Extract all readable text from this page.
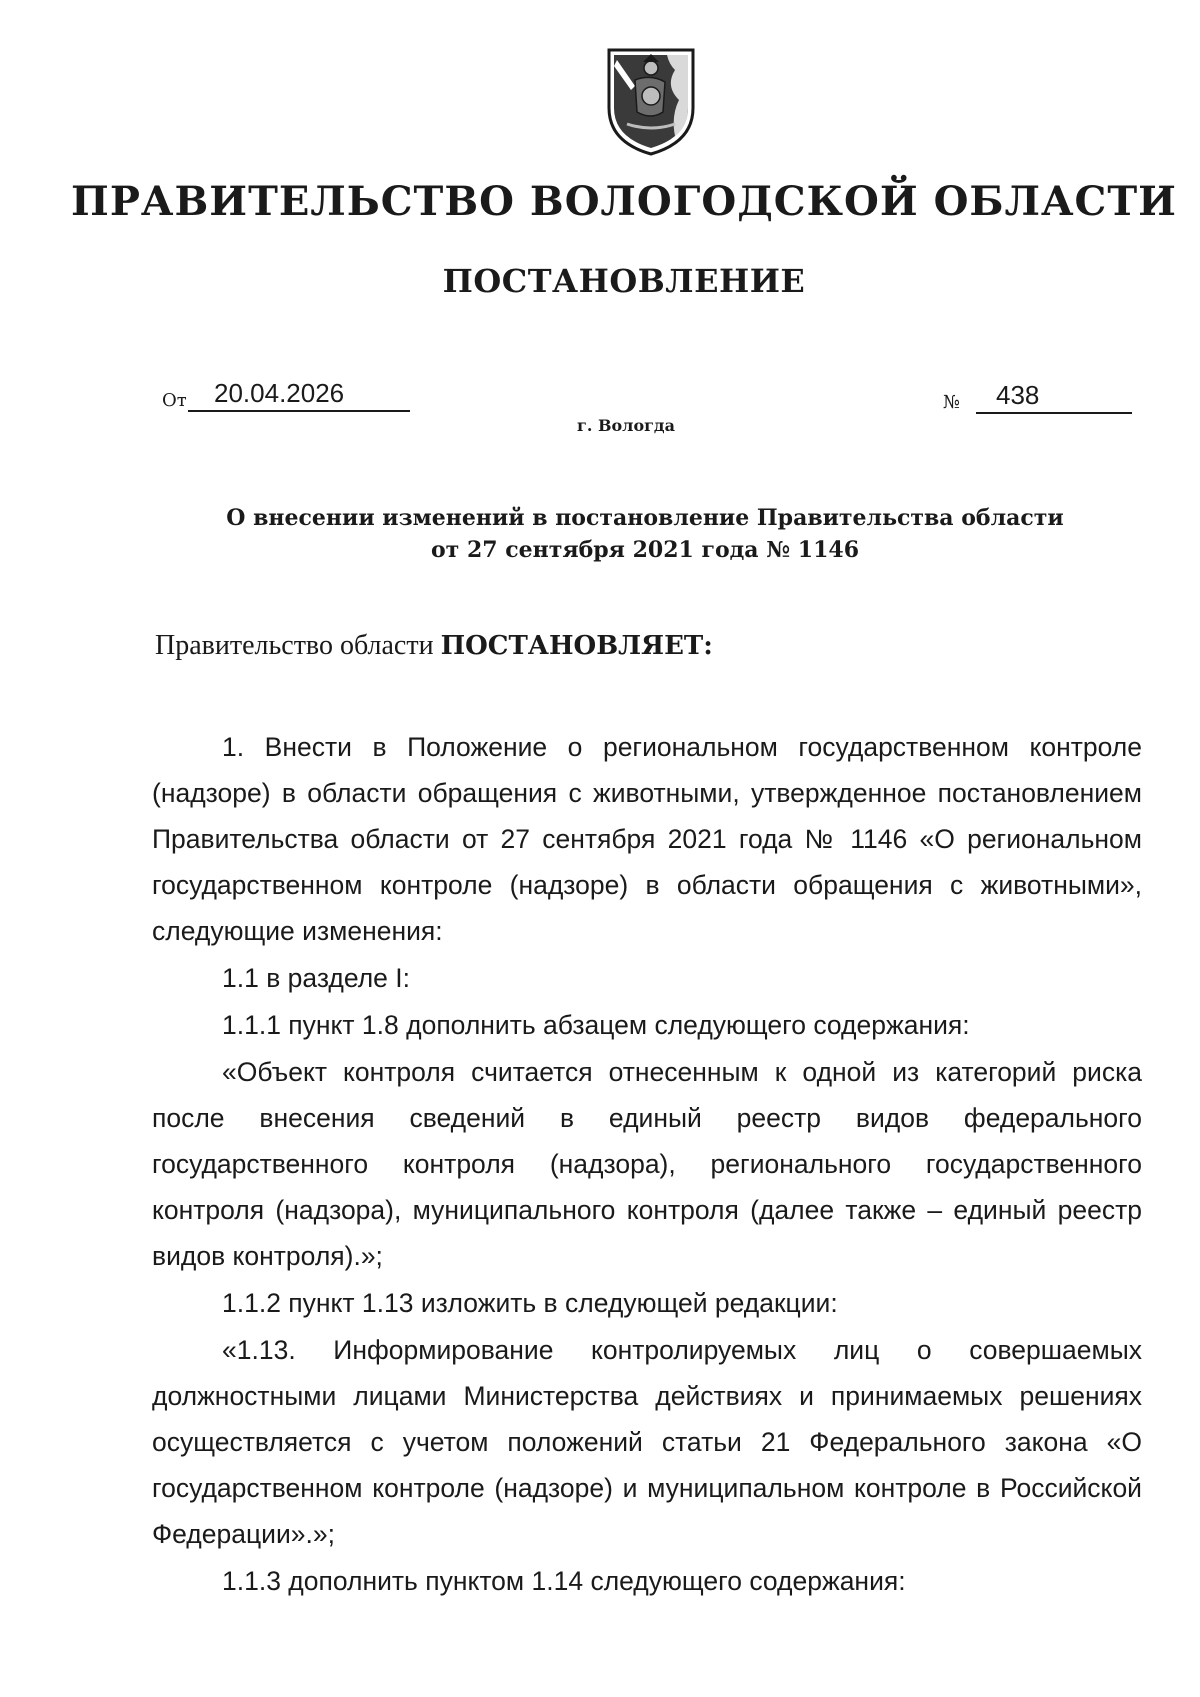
ПРАВИТЕЛЬСТВО ВОЛОГОДСКОЙ ОБЛАСТИ
ПОСТАНОВЛЕНИЕ
От	20.04.2026	№	438
г. Вологда
О внесении изменений в постановление Правительства области
от 27 сентября 2021 года № 1146
Правительство области ПОСТАНОВЛЯЕТ:

1. Внести в Положение о региональном государственном контроле (надзоре) в области обращения с животными, утвержденное постановлением Правительства области от 27 сентября 2021 года № 1146 «О региональном государственном контроле (надзоре) в области обращения с животными», следующие изменения:

1.1 в разделе I:

1.1.1 пункт 1.8 дополнить абзацем следующего содержания:

«Объект контроля считается отнесенным к одной из категорий риска после внесения сведений в единый реестр видов федерального государственного контроля (надзора), регионального государственного контроля (надзора), муниципального контроля (далее также – единый реестр видов контроля).»;

1.1.2 пункт 1.13 изложить в следующей редакции:

«1.13. Информирование контролируемых лиц о совершаемых должностными лицами Министерства действиях и принимаемых решениях осуществляется с учетом положений статьи 21 Федерального закона «О государственном контроле (надзоре) и муниципальном контроле в Российской Федерации».»;

1.1.3 дополнить пунктом 1.14 следующего содержания:
